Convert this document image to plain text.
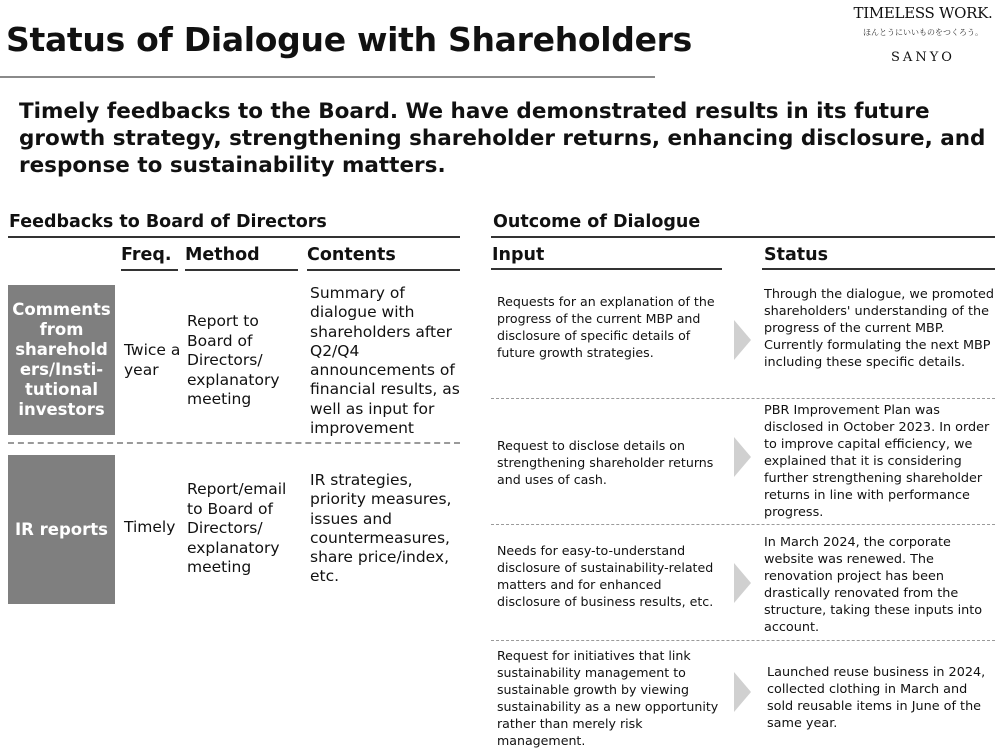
Status of Dialogue with Shareholders
TIMELESS WORK.
ほんとうにいいものをつくろう。
SANYO
Timely feedbacks to the Board. We have demonstrated results in its future growth strategy, strengthening shareholder returns, enhancing disclosure, and response to sustainability matters.
Feedbacks to Board of Directors
Freq. Method	Contents
Comments from sharehold ers/Insti- tutional investors
Twice a year
Report to Board of Directors/ explanatory meeting
Summary of dialogue with shareholders after Q2/Q4 announcements of financial results, as well as input for improvement
IR reports Timely
Report/email to Board of Directors/ explanatory meeting
IR strategies, priority measures, issues and countermeasures, share price/index, etc.
Outcome of Dialogue
Input	Status
Requests for an explanation of the progress of the current MBP and disclosure of specific details of future growth strategies.
Through the dialogue, we promoted shareholders' understanding of the progress of the current MBP. Currently formulating the next MBP including these specific details.
Request to disclose details on strengthening shareholder returns and uses of cash.
PBR Improvement Plan was disclosed in October 2023. In order to improve capital efficiency, we explained that it is considering further strengthening shareholder returns in line with performance progress.
Needs for easy-to-understand disclosure of sustainability-related matters and for enhanced disclosure of business results, etc.
In March 2024, the corporate website was renewed. The renovation project has been drastically renovated from the structure, taking these inputs into account.
Request for initiatives that link sustainability management to sustainable growth by viewing sustainability as a new opportunity rather than merely risk management.
Launched reuse business in 2024, collected clothing in March and sold reusable items in June of the same year.
